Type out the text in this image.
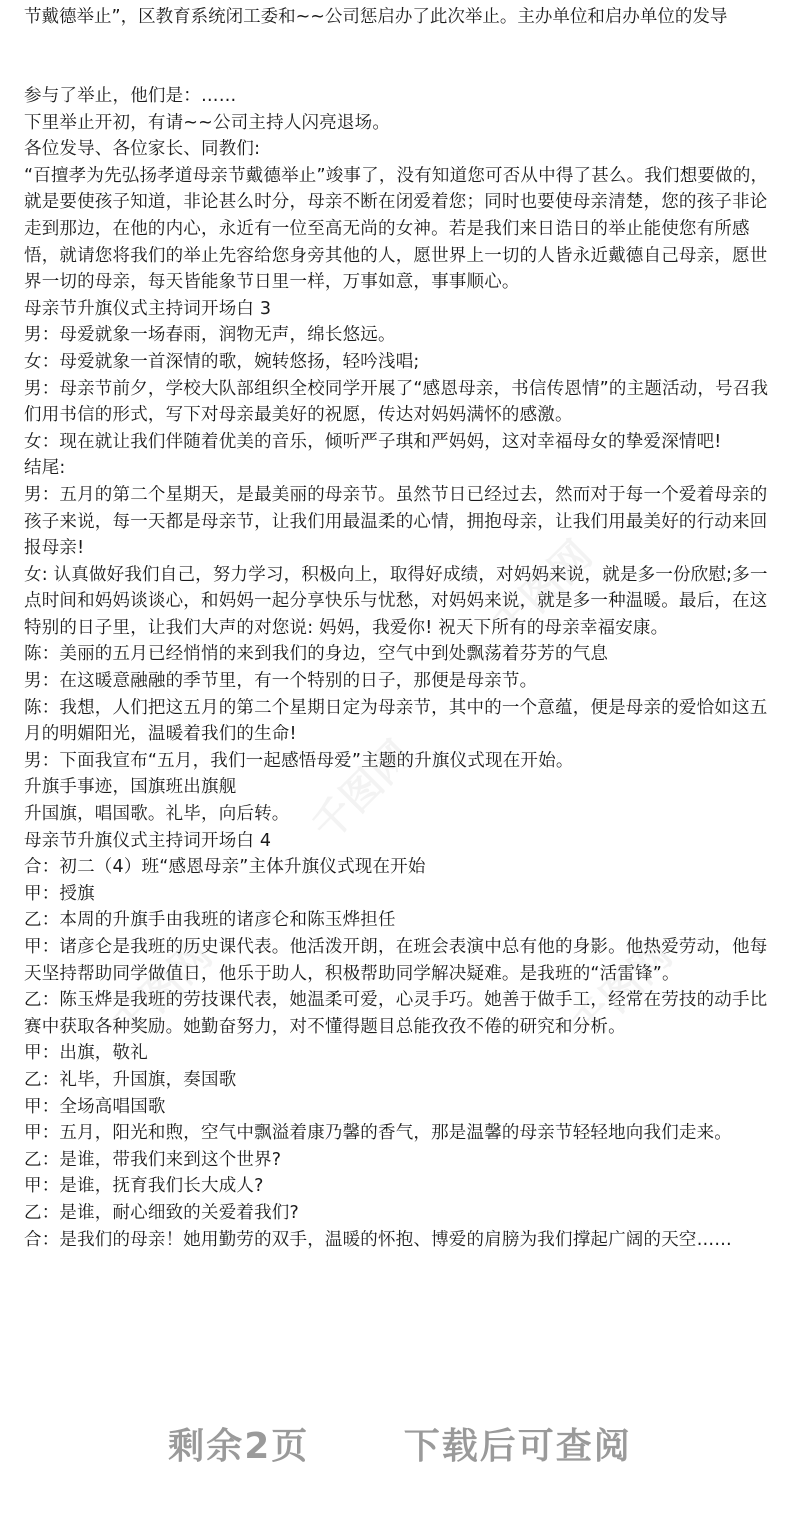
千图网
千图网
千图网	千图网
节戴德举止”，区教育系统闭工委和~~公司惩启办了此次举止。主办单位和启办单位的发导

参与了举止，他们是：……

下里举止开初，有请~~公司主持人闪亮退场。

各位发导、各位家长、同教们:

“百擅孝为先弘扬孝道母亲节戴德举止”竣事了，没有知道您可否从中得了甚么。我们想要做的，就是要使孩子知道，非论甚么时分，母亲不断在闭爱着您；同时也要使母亲清楚，您的孩子非论走到那边，在他的内心，永近有一位至高无尚的女神。若是我们来日诰日的举止能使您有所感悟，就请您将我们的举止先容给您身旁其他的人，愿世界上一切的人皆永近戴德自己母亲，愿世界一切的母亲，每天皆能象节日里一样，万事如意，事事顺心。

母亲节升旗仪式主持词开场白 3

男：母爱就象一场春雨，润物无声，绵长悠远。

女：母爱就象一首深情的歌，婉转悠扬，轻吟浅唱;

男：母亲节前夕，学校大队部组织全校同学开展了“感恩母亲，书信传恩情”的主题活动，号召我们用书信的形式，写下对母亲最美好的祝愿，传达对妈妈满怀的感激。

女：现在就让我们伴随着优美的音乐，倾听严子琪和严妈妈，这对幸福母女的挚爱深情吧!

结尾:

男：五月的第二个星期天，是最美丽的母亲节。虽然节日已经过去，然而对于每一个爱着母亲的孩子来说，每一天都是母亲节，让我们用最温柔的心情，拥抱母亲，让我们用最美好的行动来回报母亲!

女: 认真做好我们自己，努力学习，积极向上，取得好成绩，对妈妈来说，就是多一份欣慰;多一点时间和妈妈谈谈心，和妈妈一起分享快乐与忧愁，对妈妈来说，就是多一种温暖。最后，在这特别的日子里，让我们大声的对您说: 妈妈，我爱你! 祝天下所有的母亲幸福安康。

陈：美丽的五月已经悄悄的来到我们的身边，空气中到处飘荡着芬芳的气息

男：在这暖意融融的季节里，有一个特别的日子，那便是母亲节。

陈：我想，人们把这五月的第二个星期日定为母亲节，其中的一个意蕴，便是母亲的爱恰如这五月的明媚阳光，温暖着我们的生命!

男：下面我宣布“五月，我们一起感悟母爱”主题的升旗仪式现在开始。

升旗手事迹，国旗班出旗舰

升国旗，唱国歌。礼毕，向后转。

母亲节升旗仪式主持词开场白 4

合：初二（4）班“感恩母亲”主体升旗仪式现在开始

甲：授旗

乙：本周的升旗手由我班的诸彦仑和陈玉烨担任

甲：诸彦仑是我班的历史课代表。他活泼开朗，在班会表演中总有他的身影。他热爱劳动，他每天坚持帮助同学做值日，他乐于助人，积极帮助同学解决疑难。是我班的“活雷锋”。

乙：陈玉烨是我班的劳技课代表，她温柔可爱，心灵手巧。她善于做手工，经常在劳技的动手比赛中获取各种奖励。她勤奋努力，对不懂得题目总能孜孜不倦的研究和分析。

甲：出旗，敬礼

乙：礼毕，升国旗，奏国歌

甲：全场高唱国歌

甲：五月，阳光和煦，空气中飘溢着康乃馨的香气，那是温馨的母亲节轻轻地向我们走来。

乙：是谁，带我们来到这个世界?

甲：是谁，抚育我们长大成人?

乙：是谁，耐心细致的关爱着我们?

合：是我们的母亲！她用勤劳的双手，温暖的怀抱、博爱的肩膀为我们撑起广阔的天空……

剩余2页	下载后可查阅
